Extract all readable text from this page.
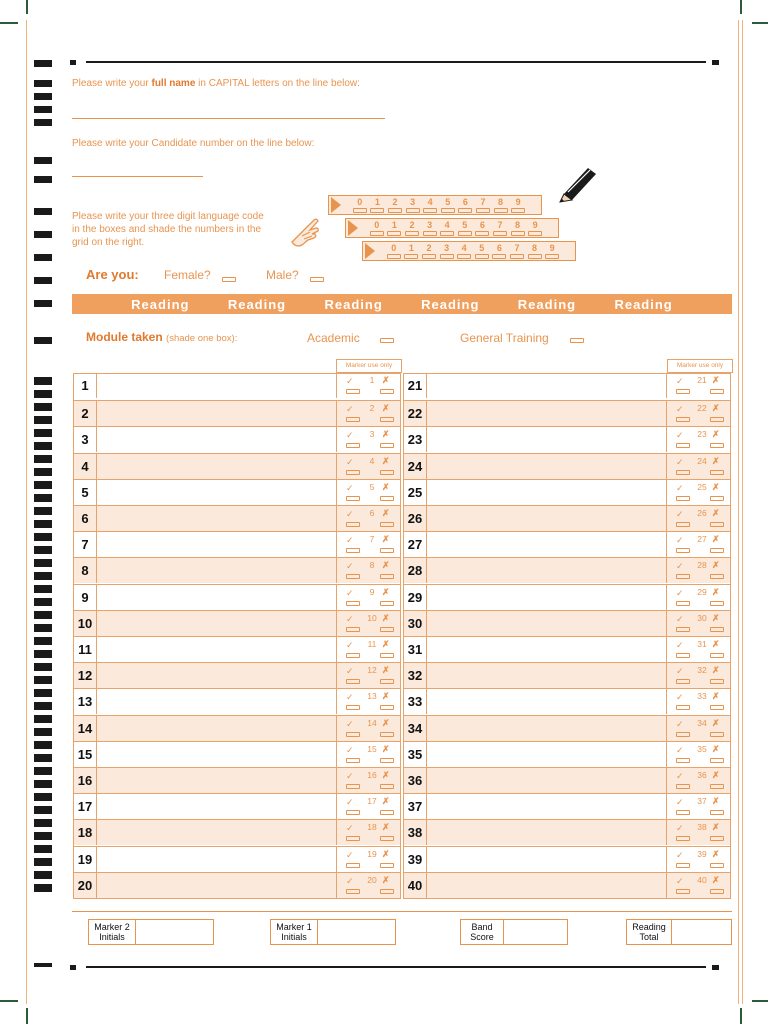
Please write your full name in CAPITAL letters on the line below:
Please write your Candidate number on the line below:
Please write your three digit language code
in the boxes and shade the numbers in the
grid on the right.
0	1	2	3	4	5	6	7	8	9
0	1	2	3	4	5	6	7	8	9
0	1	2	3	4	5	6	7	8	9
Are you: Female?	Male?
Reading	Reading	Reading	Reading	Reading	Reading
Module taken (shade one box):	Academic	General Training
Marker use only	Marker use only
1	✓	1 ✗
2	✓	2 ✗
3	✓	3 ✗
4	✓	4 ✗
5	✓	5 ✗
6	✓	6 ✗
7	✓	7 ✗
8	✓	8 ✗
9	✓	9 ✗
10	✓	10 ✗
11	✓	11 ✗
12	✓	12 ✗
13	✓	13 ✗
14	✓	14 ✗
15	✓	15 ✗
16	✓	16 ✗
17	✓	17 ✗
18	✓	18 ✗
19	✓	19 ✗
20	✓	20 ✗
21	✓	21 ✗
22	✓	22 ✗
23	✓	23 ✗
24	✓	24 ✗
25	✓	25 ✗
26	✓	26 ✗
27	✓	27 ✗
28	✓	28 ✗
29	✓	29 ✗
30	✓	30 ✗
31	✓	31 ✗
32	✓	32 ✗
33	✓	33 ✗
34	✓	34 ✗
35	✓	35 ✗
36	✓	36 ✗
37	✓	37 ✗
38	✓	38 ✗
39	✓	39 ✗
40	✓	40 ✗
Marker 2 Initials
Marker 1 Initials
Band Score
Reading Total
